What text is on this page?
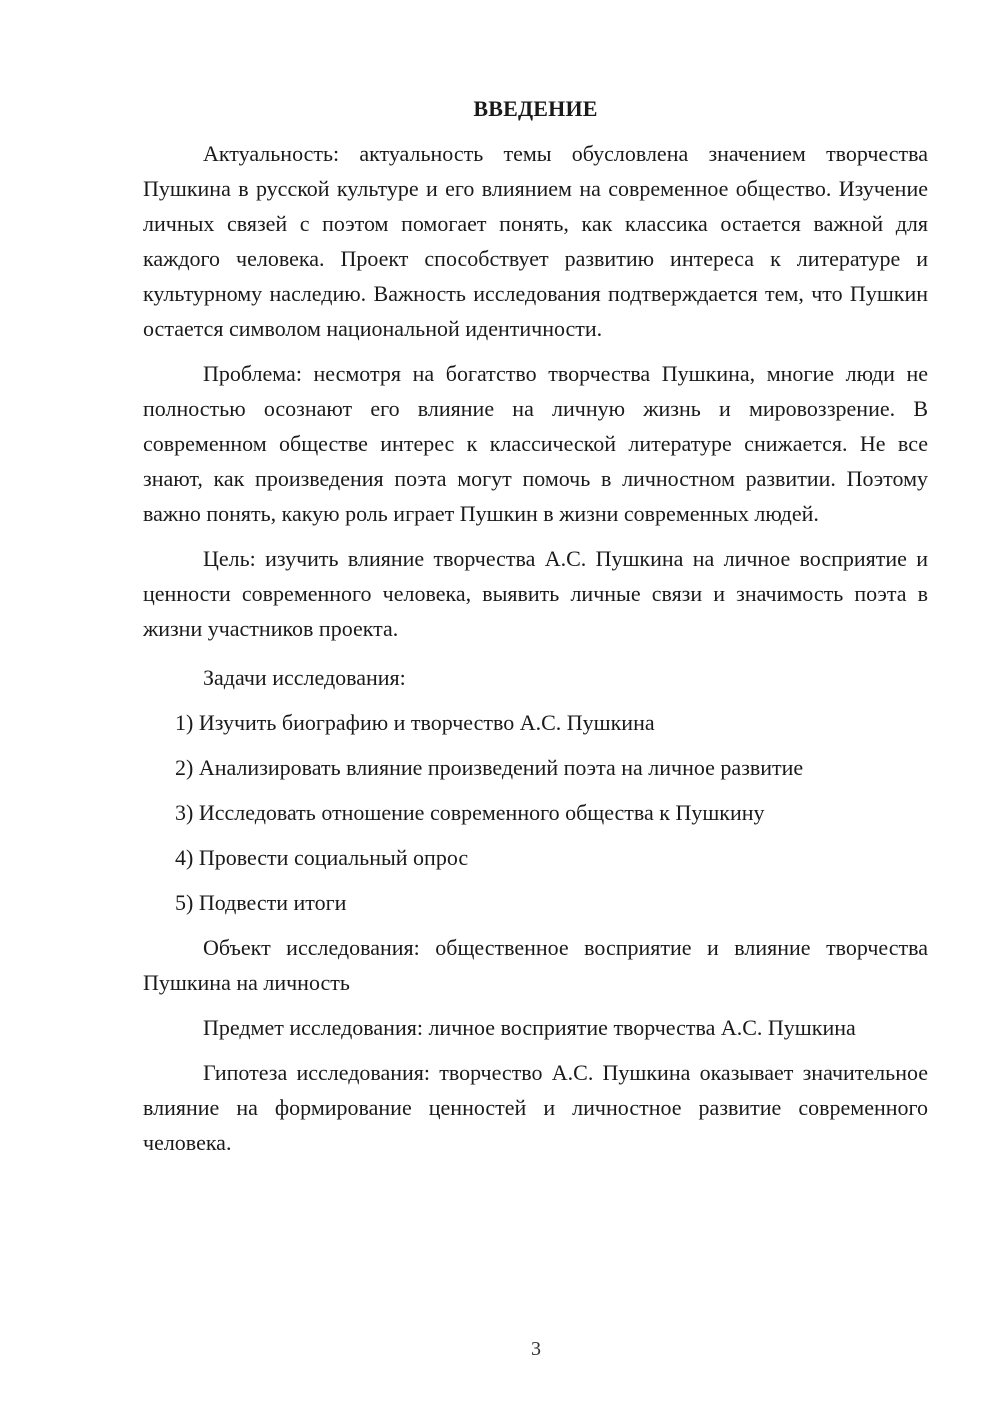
ВВЕДЕНИЕ

Актуальность: актуальность темы обусловлена значением творчества Пушкина в русской культуре и его влиянием на современное общество. Изучение личных связей с поэтом помогает понять, как классика остается важной для каждого человека. Проект способствует развитию интереса к литературе и культурному наследию. Важность исследования подтверждается тем, что Пушкин остается символом национальной идентичности.

Проблема: несмотря на богатство творчества Пушкина, многие люди не полностью осознают его влияние на личную жизнь и мировоззрение. В современном обществе интерес к классической литературе снижается. Не все знают, как произведения поэта могут помочь в личностном развитии. Поэтому важно понять, какую роль играет Пушкин в жизни современных людей.

Цель: изучить влияние творчества А.С. Пушкина на личное восприятие и ценности современного человека, выявить личные связи и значимость поэта в жизни участников проекта.

Задачи исследования:

1) Изучить биографию и творчество А.С. Пушкина
2) Анализировать влияние произведений поэта на личное развитие
3) Исследовать отношение современного общества к Пушкину
4) Провести социальный опрос
5) Подвести итоги

Объект исследования: общественное восприятие и влияние творчества Пушкина на личность

Предмет исследования: личное восприятие творчества А.С. Пушкина

Гипотеза исследования: творчество А.С. Пушкина оказывает значительное влияние на формирование ценностей и личностное развитие современного человека.

3
